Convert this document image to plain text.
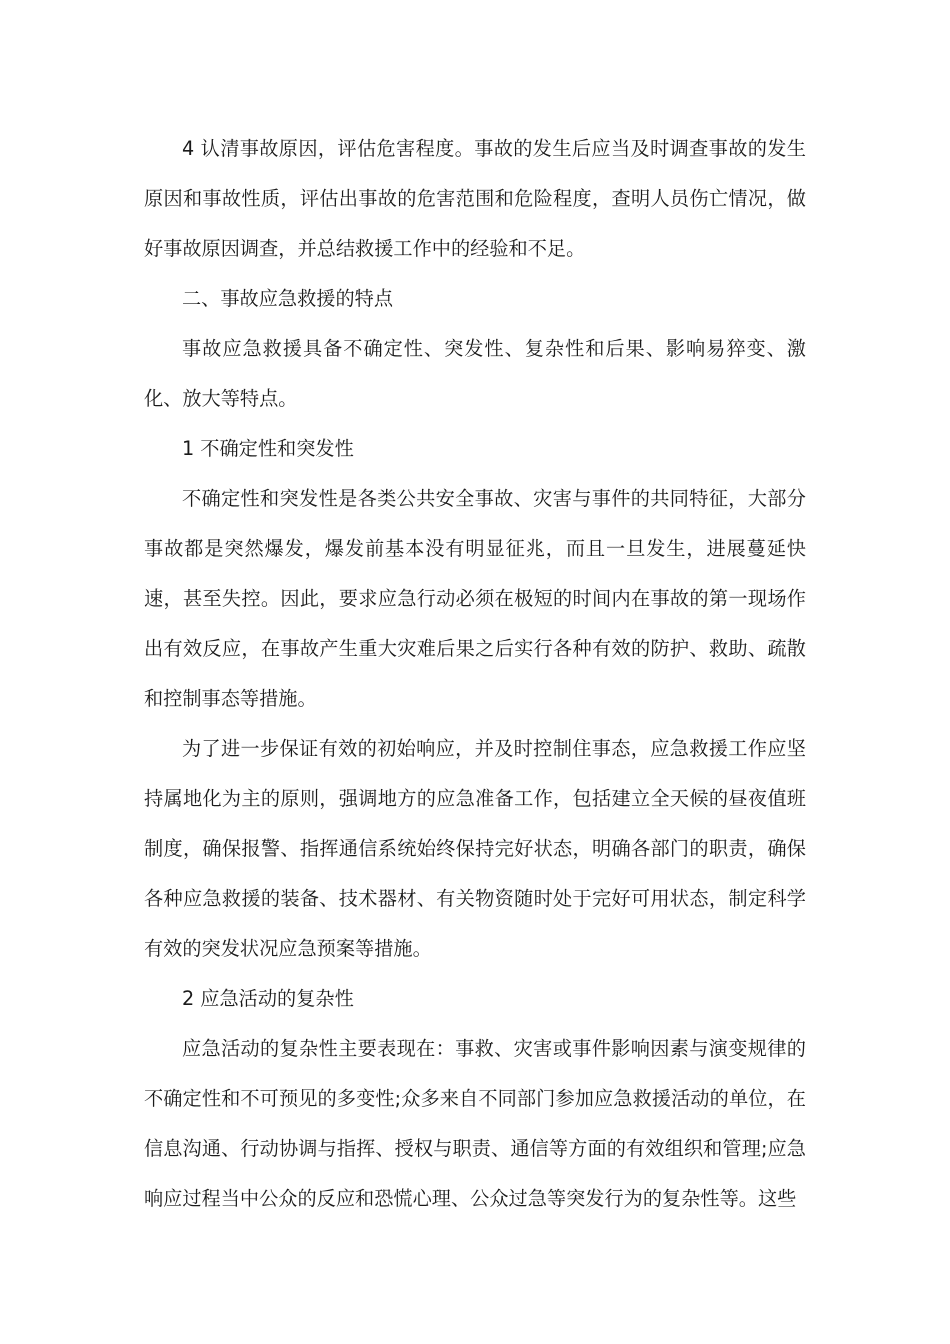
4 认清事故原因，评估危害程度。事故的发生后应当及时调查事故的发生原因和事故性质，评估出事故的危害范围和危险程度，查明人员伤亡情况，做好事故原因调查，并总结救援工作中的经验和不足。

二、事故应急救援的特点

事故应急救援具备不确定性、突发性、复杂性和后果、影响易猝变、激化、放大等特点。

1 不确定性和突发性

不确定性和突发性是各类公共安全事故、灾害与事件的共同特征，大部分事故都是突然爆发，爆发前基本没有明显征兆，而且一旦发生，进展蔓延快速，甚至失控。因此，要求应急行动必须在极短的时间内在事故的第一现场作出有效反应，在事故产生重大灾难后果之后实行各种有效的防护、救助、疏散和控制事态等措施。

为了进一步保证有效的初始响应，并及时控制住事态，应急救援工作应坚持属地化为主的原则，强调地方的应急准备工作，包括建立全天候的昼夜值班制度，确保报警、指挥通信系统始终保持完好状态，明确各部门的职责，确保各种应急救援的装备、技术器材、有关物资随时处于完好可用状态，制定科学有效的突发状况应急预案等措施。

2 应急活动的复杂性

应急活动的复杂性主要表现在：事救、灾害或事件影响因素与演变规律的不确定性和不可预见的多变性;众多来自不同部门参加应急救援活动的单位，在信息沟通、行动协调与指挥、授权与职责、通信等方面的有效组织和管理;应急响应过程当中公众的反应和恐慌心理、公众过急等突发行为的复杂性等。这些
